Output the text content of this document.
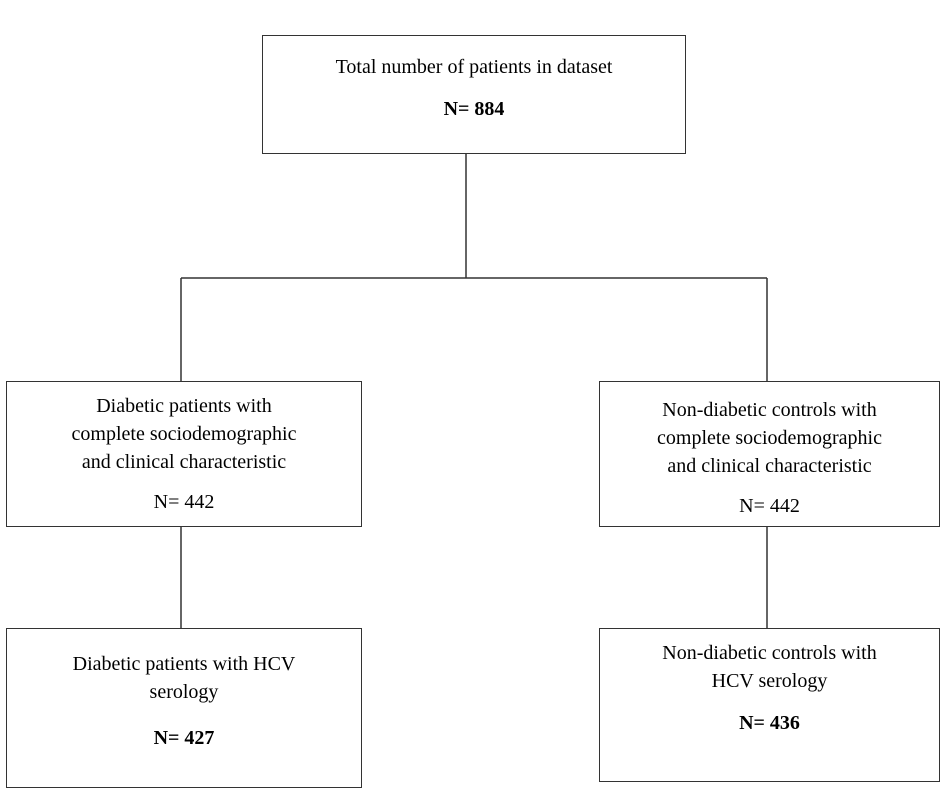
Total number of patients in dataset
N= 884
Diabetic patients with
complete sociodemographic
and clinical characteristic
N= 442
Non-diabetic controls with
complete sociodemographic
and clinical characteristic
N= 442
Diabetic patients with HCV
serology
N= 427
Non-diabetic controls with
HCV serology
N= 436
